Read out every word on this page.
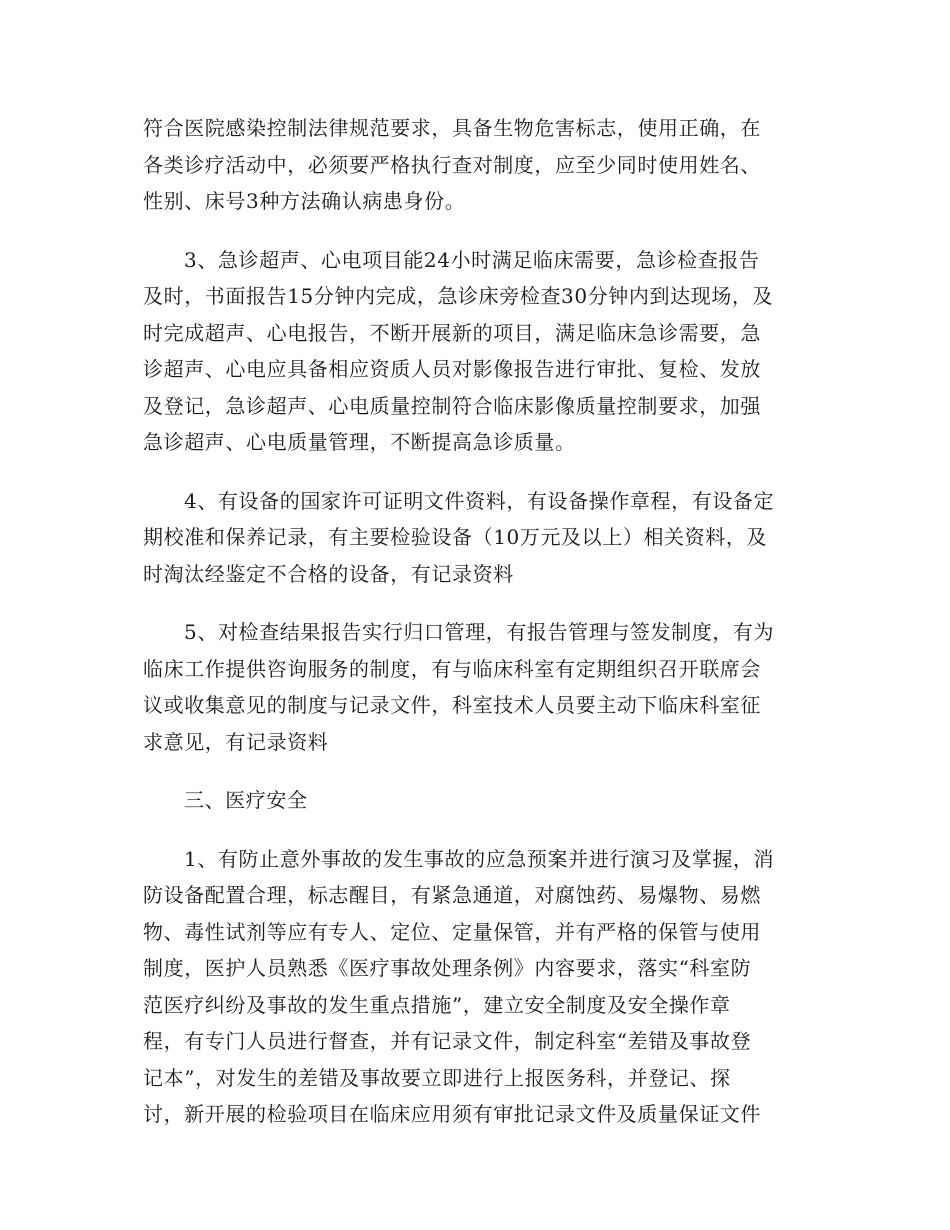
符合医院感染控制法律规范要求，具备生物危害标志，使用正确，在
各类诊疗活动中，必须要严格执行查对制度，应至少同时使用姓名、
性别、床号3种方法确认病患身份。
3、急诊超声、心电项目能24小时满足临床需要，急诊检查报告
及时，书面报告15分钟内完成，急诊床旁检查30分钟内到达现场，及
时完成超声、心电报告，不断开展新的项目，满足临床急诊需要，急
诊超声、心电应具备相应资质人员对影像报告进行审批、复检、发放
及登记，急诊超声、心电质量控制符合临床影像质量控制要求，加强
急诊超声、心电质量管理，不断提高急诊质量。
4、有设备的国家许可证明文件资料，有设备操作章程，有设备定
期校准和保养记录，有主要检验设备（10万元及以上）相关资料，及
时淘汰经鉴定不合格的设备，有记录资料
5、对检查结果报告实行归口管理，有报告管理与签发制度，有为
临床工作提供咨询服务的制度，有与临床科室有定期组织召开联席会
议或收集意见的制度与记录文件，科室技术人员要主动下临床科室征
求意见，有记录资料
三、医疗安全
1、有防止意外事故的发生事故的应急预案并进行演习及掌握，消
防设备配置合理，标志醒目，有紧急通道，对腐蚀药、易爆物、易燃
物、毒性试剂等应有专人、定位、定量保管，并有严格的保管与使用
制度，医护人员熟悉《医疗事故处理条例》内容要求，落实“科室防
范医疗纠纷及事故的发生重点措施”，建立安全制度及安全操作章
程，有专门人员进行督查，并有记录文件，制定科室“差错及事故登
记本”，对发生的差错及事故要立即进行上报医务科，并登记、探
讨，新开展的检验项目在临床应用须有审批记录文件及质量保证文件
